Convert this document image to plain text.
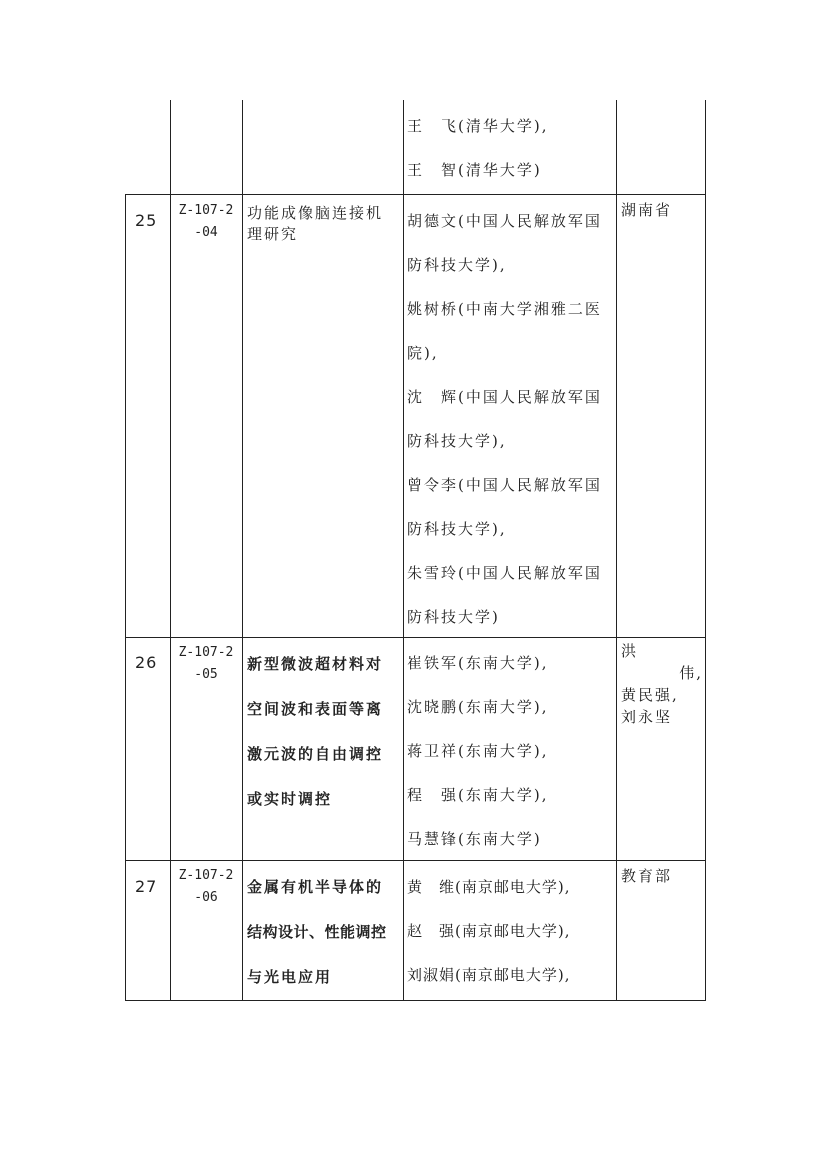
王　飞(清华大学),
王　智(清华大学)
25
Z-107-2
-04
功能成像脑连接机
理研究
胡德文(中国人民解放军国
防科技大学),
姚树桥(中南大学湘雅二医
院),
沈　辉(中国人民解放军国
防科技大学),
曾令李(中国人民解放军国
防科技大学),
朱雪玲(中国人民解放军国
防科技大学)
湖南省
26
Z-107-2
-05
新型微波超材料对
空间波和表面等离
激元波的自由调控
或实时调控
崔铁军(东南大学),
沈晓鹏(东南大学),
蒋卫祥(东南大学),
程　强(东南大学),
马慧锋(东南大学)
洪
伟,
黄民强,
刘永坚
27
Z-107-2
-06
金属有机半导体的
结构设计、性能调控
与光电应用
黄　维(南京邮电大学),
赵　强(南京邮电大学),
刘淑娟(南京邮电大学),
教育部
